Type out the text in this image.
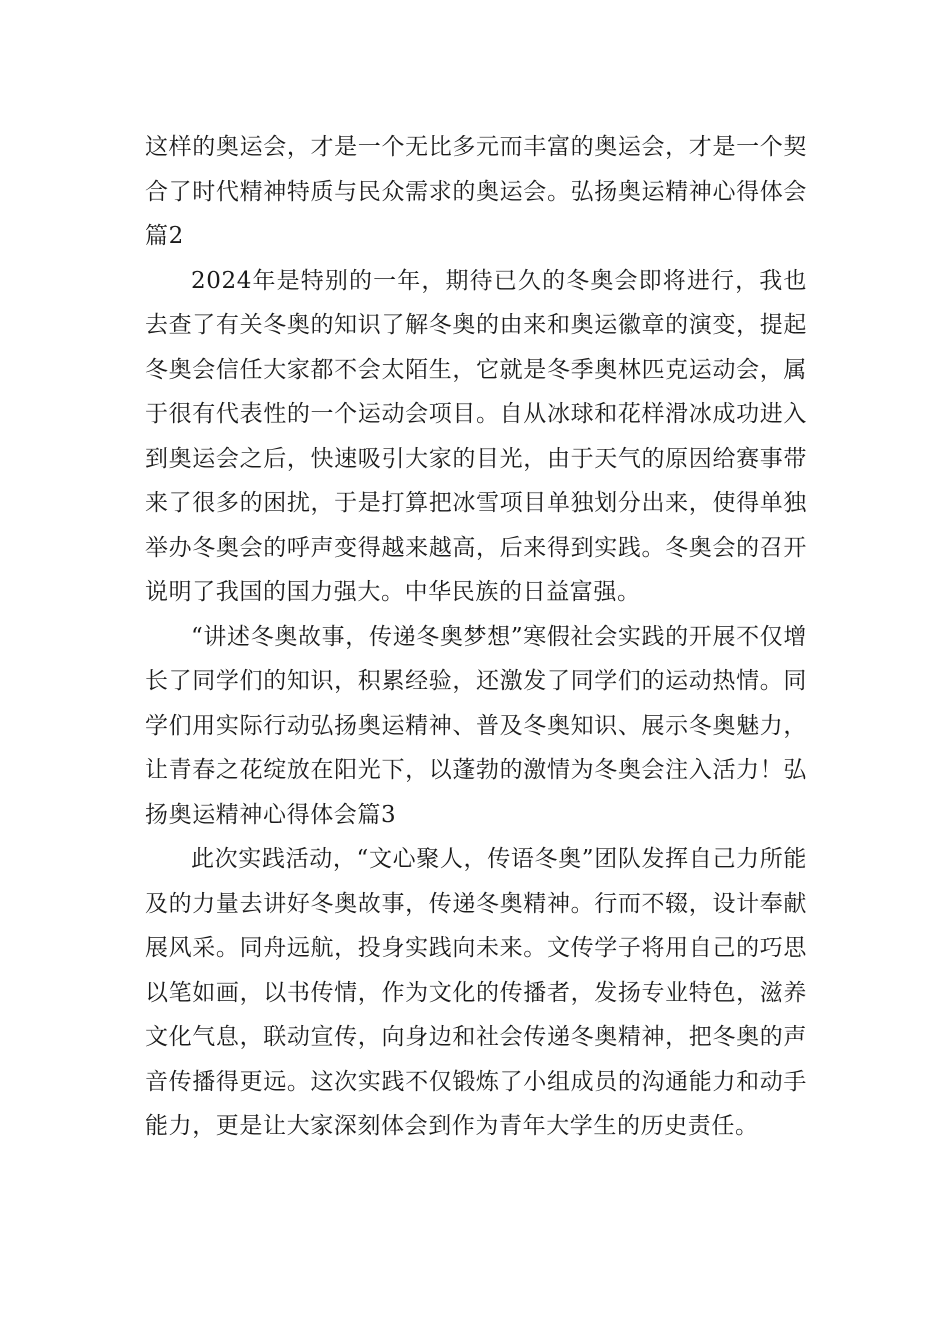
这样的奥运会，才是一个无比多元而丰富的奥运会，才是一个契合了时代精神特质与民众需求的奥运会。弘扬奥运精神心得体会篇2

2024年是特别的一年，期待已久的冬奥会即将进行，我也去查了有关冬奥的知识了解冬奥的由来和奥运徽章的演变，提起冬奥会信任大家都不会太陌生，它就是冬季奥林匹克运动会，属于很有代表性的一个运动会项目。自从冰球和花样滑冰成功进入到奥运会之后，快速吸引大家的目光，由于天气的原因给赛事带来了很多的困扰，于是打算把冰雪项目单独划分出来，使得单独举办冬奥会的呼声变得越来越高，后来得到实践。冬奥会的召开说明了我国的国力强大。中华民族的日益富强。

“讲述冬奥故事，传递冬奥梦想”寒假社会实践的开展不仅增长了同学们的知识，积累经验，还激发了同学们的运动热情。同学们用实际行动弘扬奥运精神、普及冬奥知识、展示冬奥魅力，让青春之花绽放在阳光下，以蓬勃的激情为冬奥会注入活力！弘扬奥运精神心得体会篇3

此次实践活动，“文心聚人，传语冬奥”团队发挥自己力所能及的力量去讲好冬奥故事，传递冬奥精神。行而不辍，设计奉献展风采。同舟远航，投身实践向未来。文传学子将用自己的巧思以笔如画，以书传情，作为文化的传播者，发扬专业特色，滋养文化气息，联动宣传，向身边和社会传递冬奥精神，把冬奥的声音传播得更远。这次实践不仅锻炼了小组成员的沟通能力和动手能力，更是让大家深刻体会到作为青年大学生的历史责任。
